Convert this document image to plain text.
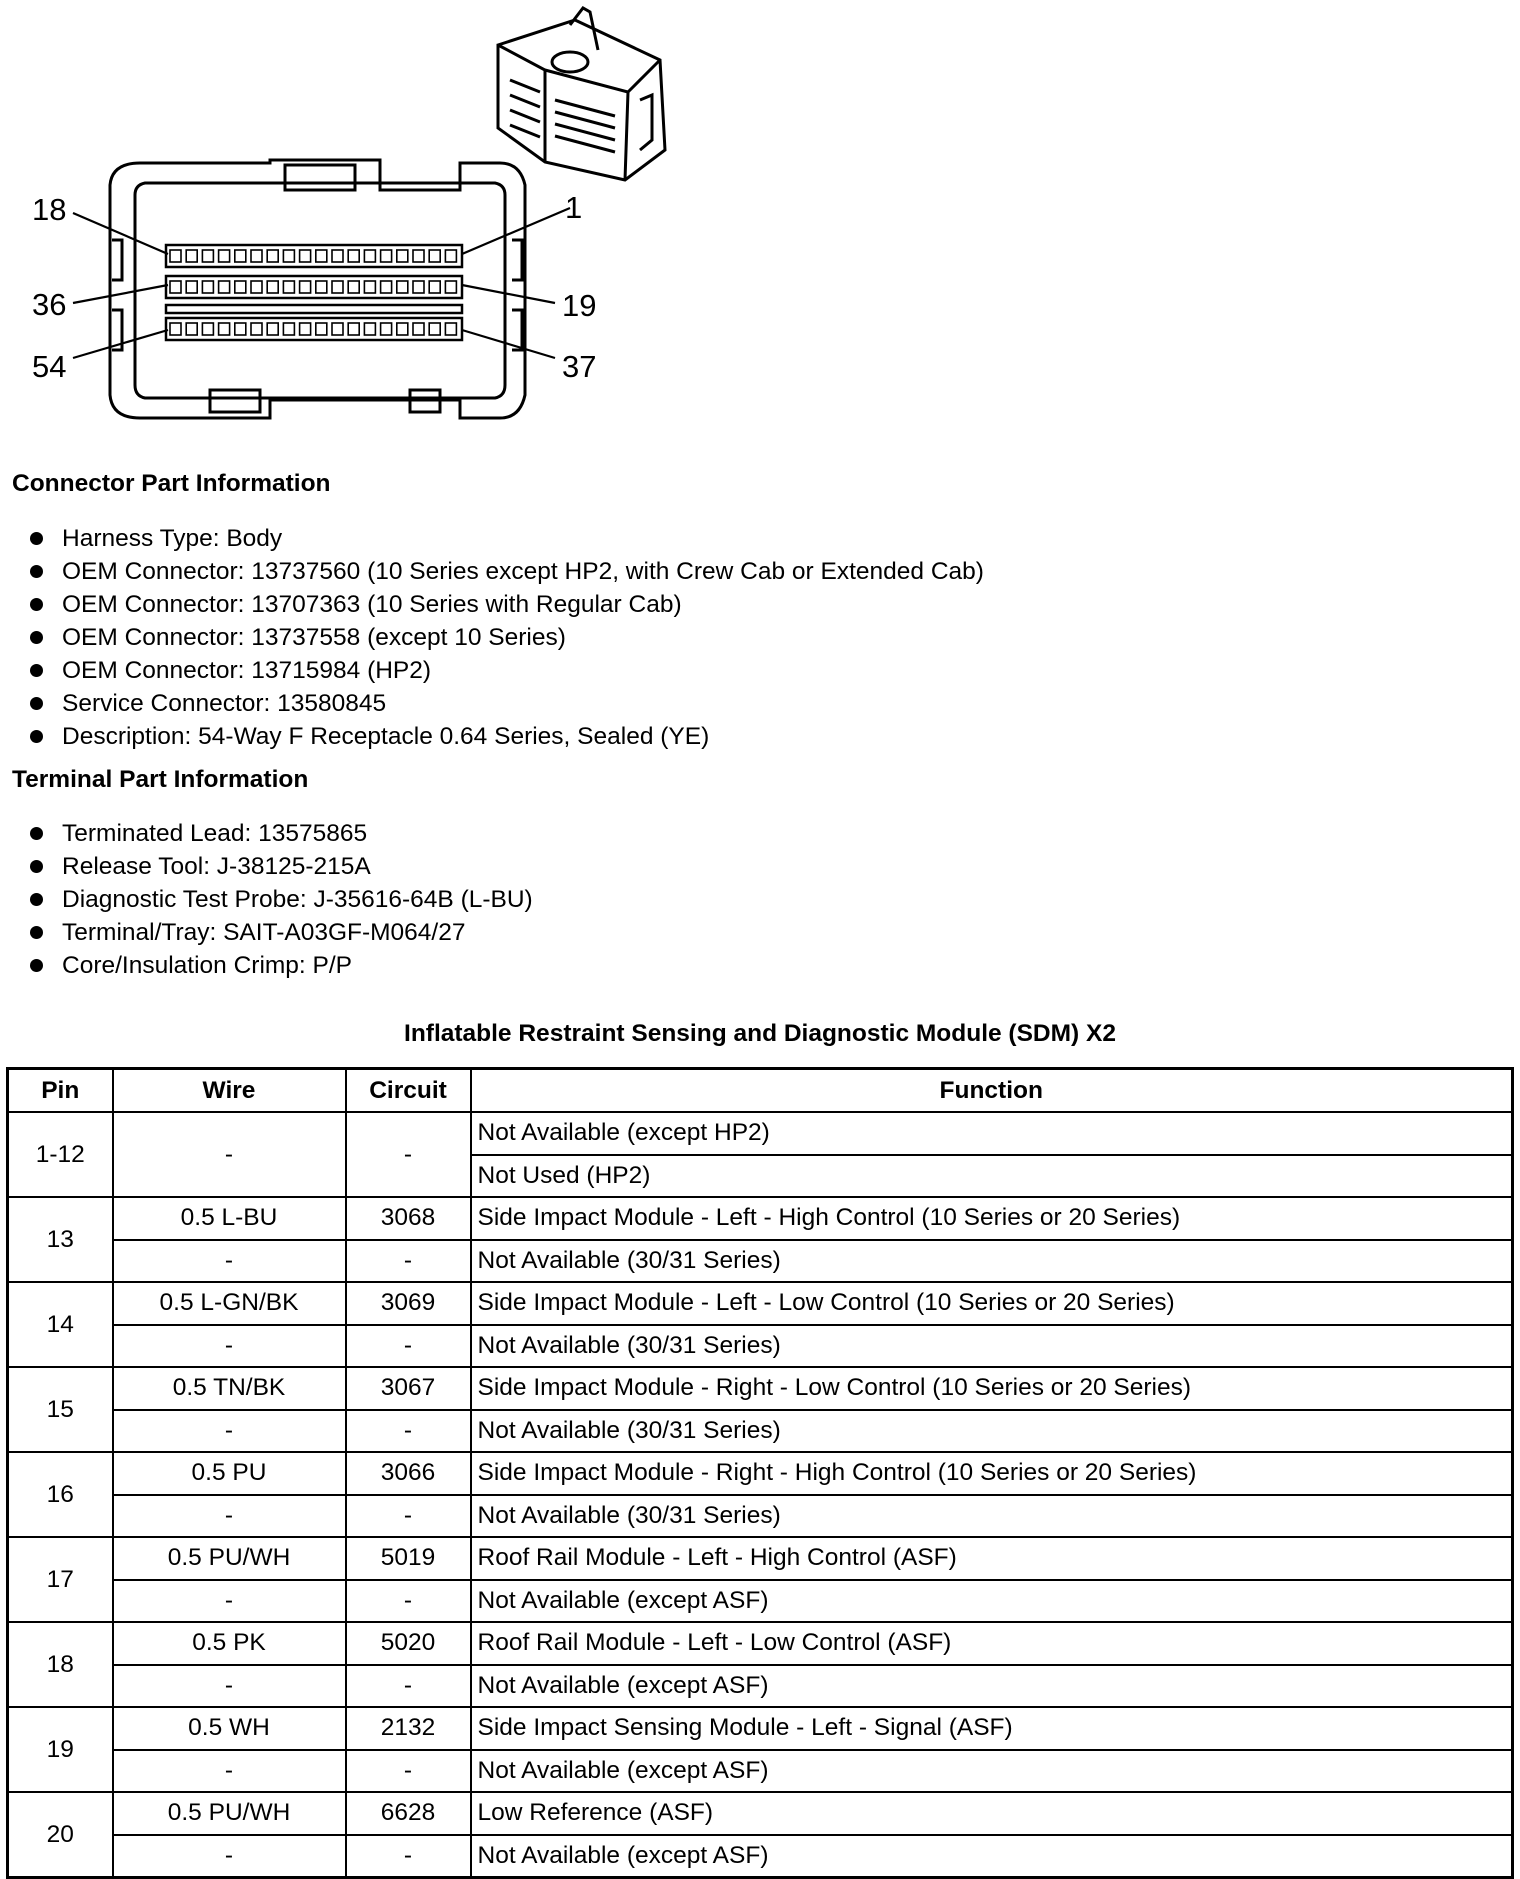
18	1
36	19
54	37
Connector Part Information
Harness Type: Body
OEM Connector: 13737560 (10 Series except HP2, with Crew Cab or Extended Cab)
OEM Connector: 13707363 (10 Series with Regular Cab)
OEM Connector: 13737558 (except 10 Series)
OEM Connector: 13715984 (HP2)
Service Connector: 13580845
Description: 54-Way F Receptacle 0.64 Series, Sealed (YE)
Terminal Part Information
Terminated Lead: 13575865
Release Tool: J-38125-215A
Diagnostic Test Probe: J-35616-64B (L-BU)
Terminal/Tray: SAIT-A03GF-M064/27
Core/Insulation Crimp: P/P
Inflatable Restraint Sensing and Diagnostic Module (SDM) X2
Pin	Wire	Circuit	Function
1-12	-	-	Not Available (except HP2)
			Not Used (HP2)
13	0.5 L-BU	3068	Side Impact Module - Left - High Control (10 Series or 20 Series)
	-	-	Not Available (30/31 Series)
14	0.5 L-GN/BK	3069	Side Impact Module - Left - Low Control (10 Series or 20 Series)
	-	-	Not Available (30/31 Series)
15	0.5 TN/BK	3067	Side Impact Module - Right - Low Control (10 Series or 20 Series)
	-	-	Not Available (30/31 Series)
16	0.5 PU	3066	Side Impact Module - Right - High Control (10 Series or 20 Series)
	-	-	Not Available (30/31 Series)
17	0.5 PU/WH	5019	Roof Rail Module - Left - High Control (ASF)
	-	-	Not Available (except ASF)
18	0.5 PK	5020	Roof Rail Module - Left - Low Control (ASF)
	-	-	Not Available (except ASF)
19	0.5 WH	2132	Side Impact Sensing Module - Left - Signal (ASF)
	-	-	Not Available (except ASF)
20	0.5 PU/WH	6628	Low Reference (ASF)
	-	-	Not Available (except ASF)
